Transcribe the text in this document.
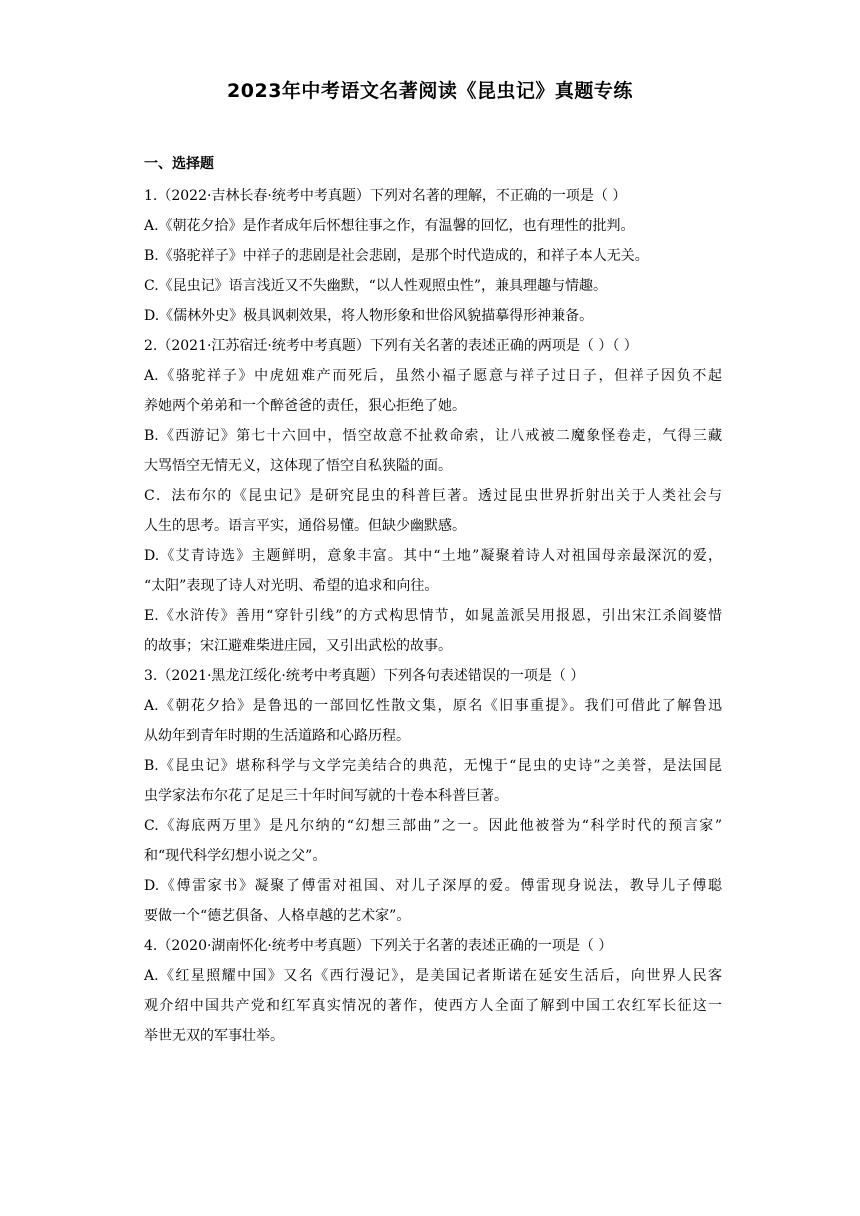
2023年中考语文名著阅读《昆虫记》真题专练
一、选择题
1.（2022·吉林长春·统考中考真题）下列对名著的理解，不正确的一项是（ ）
A.《朝花夕拾》是作者成年后怀想往事之作，有温馨的回忆，也有理性的批判。
B.《骆驼祥子》中祥子的悲剧是社会悲剧，是那个时代造成的，和祥子本人无关。
C.《昆虫记》语言浅近又不失幽默，“以人性观照虫性”，兼具理趣与情趣。
D.《儒林外史》极具讽刺效果，将人物形象和世俗风貌描摹得形神兼备。
2.（2021·江苏宿迁·统考中考真题）下列有关名著的表述正确的两项是（ ）（ ）
A.《骆驼祥子》中虎妞难产而死后，虽然小福子愿意与祥子过日子，但祥子因负不起
养她两个弟弟和一个醉爸爸的责任，狠心拒绝了她。
B.《西游记》第七十六回中，悟空故意不扯救命索，让八戒被二魔象怪卷走，气得三藏
大骂悟空无情无义，这体现了悟空自私狭隘的面。
C．法布尔的《昆虫记》是研究昆虫的科普巨著。透过昆虫世界折射出关于人类社会与
人生的思考。语言平实，通俗易懂。但缺少幽默感。
D.《艾青诗选》主题鲜明，意象丰富。其中“土地”凝聚着诗人对祖国母亲最深沉的爱，
“太阳”表现了诗人对光明、希望的追求和向往。
E.《水浒传》善用“穿针引线”的方式构思情节，如晁盖派吴用报恩，引出宋江杀阎婆惜
的故事；宋江避难柴进庄园，又引出武松的故事。
3.（2021·黑龙江绥化·统考中考真题）下列各句表述错误的一项是（ ）
A.《朝花夕拾》是鲁迅的一部回忆性散文集，原名《旧事重提》。我们可借此了解鲁迅
从幼年到青年时期的生活道路和心路历程。
B.《昆虫记》堪称科学与文学完美结合的典范，无愧于“昆虫的史诗”之美誉，是法国昆
虫学家法布尔花了足足三十年时间写就的十卷本科普巨著。
C.《海底两万里》是凡尔纳的“幻想三部曲”之一。因此他被誉为“科学时代的预言家”
和“现代科学幻想小说之父”。
D.《傅雷家书》凝聚了傅雷对祖国、对儿子深厚的爱。傅雷现身说法，教导儿子傅聪
要做一个“德艺俱备、人格卓越的艺术家”。
4.（2020·湖南怀化·统考中考真题）下列关于名著的表述正确的一项是（ ）
A.《红星照耀中国》又名《西行漫记》，是美国记者斯诺在延安生活后，向世界人民客
观介绍中国共产党和红军真实情况的著作，使西方人全面了解到中国工农红军长征这一
举世无双的军事壮举。
